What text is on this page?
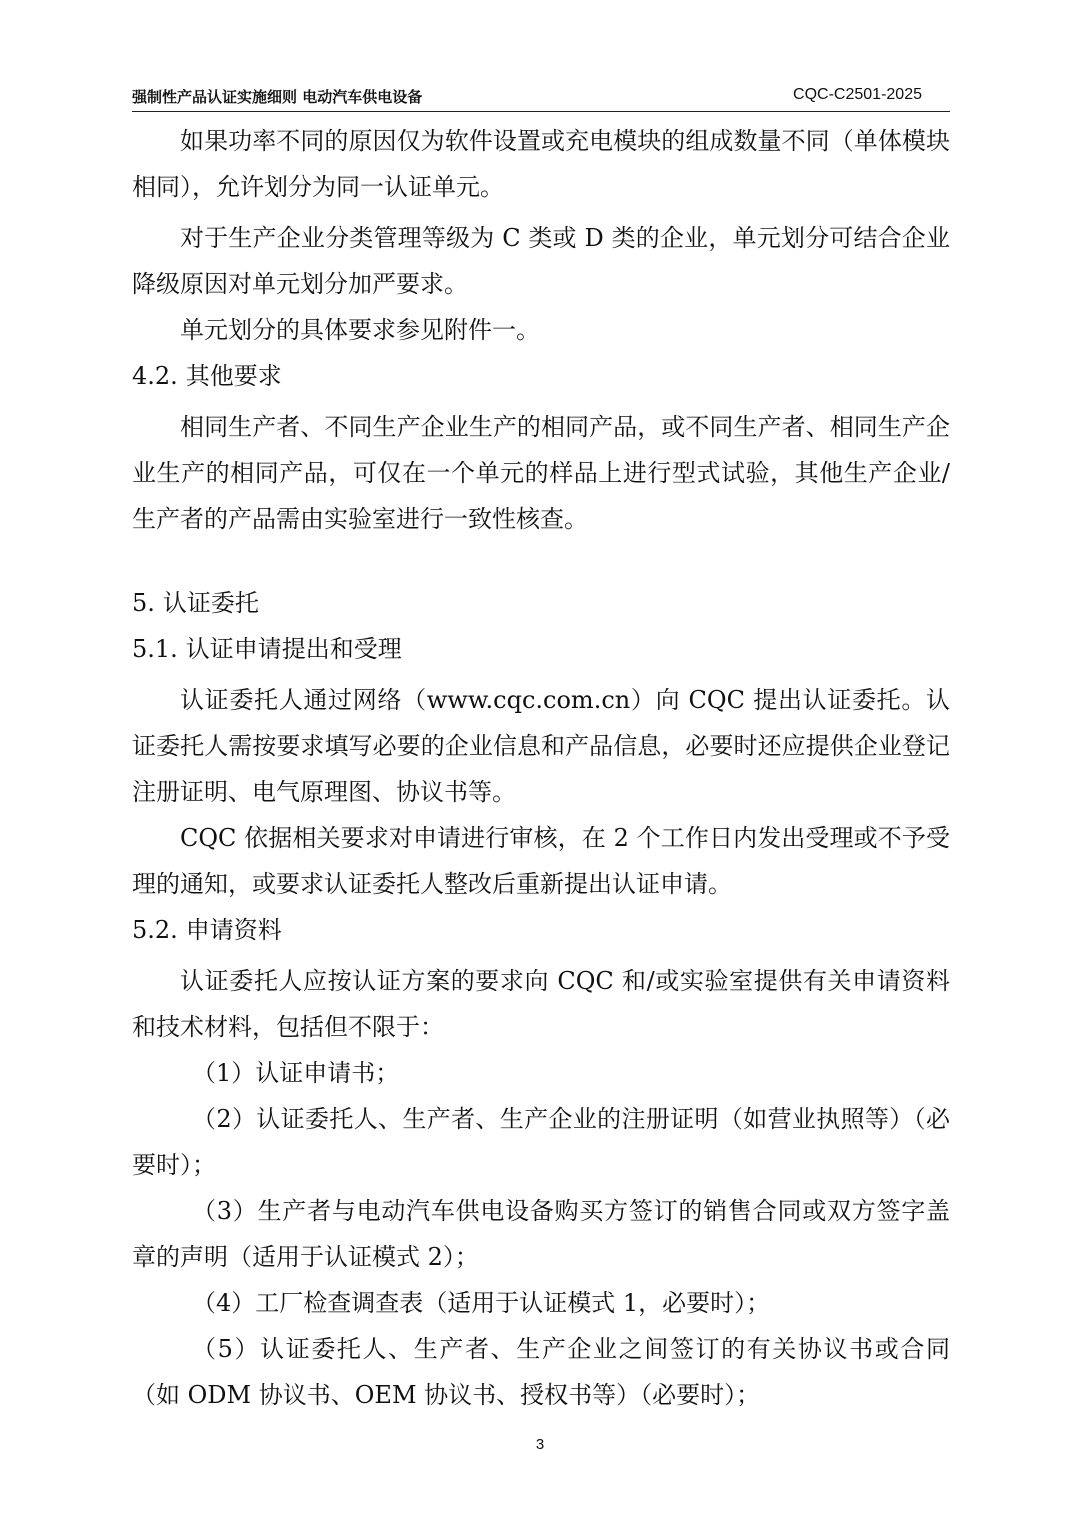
强制性产品认证实施细则 电动汽车供电设备	CQC-C2501-2025

如果功率不同的原因仅为软件设置或充电模块的组成数量不同（单体模块相同），允许划分为同一认证单元。

对于生产企业分类管理等级为 C 类或 D 类的企业，单元划分可结合企业降级原因对单元划分加严要求。

单元划分的具体要求参见附件一。

4.2. 其他要求

相同生产者、不同生产企业生产的相同产品，或不同生产者、相同生产企业生产的相同产品，可仅在一个单元的样品上进行型式试验，其他生产企业/生产者的产品需由实验室进行一致性核查。

5. 认证委托

5.1. 认证申请提出和受理

认证委托人通过网络（www.cqc.com.cn）向 CQC 提出认证委托。认证委托人需按要求填写必要的企业信息和产品信息，必要时还应提供企业登记注册证明、电气原理图、协议书等。

CQC 依据相关要求对申请进行审核，在 2 个工作日内发出受理或不予受理的通知，或要求认证委托人整改后重新提出认证申请。

5.2. 申请资料

认证委托人应按认证方案的要求向 CQC 和/或实验室提供有关申请资料和技术材料，包括但不限于：

（1）认证申请书；

（2）认证委托人、生产者、生产企业的注册证明（如营业执照等）（必要时）；

（3）生产者与电动汽车供电设备购买方签订的销售合同或双方签字盖章的声明（适用于认证模式 2）；

（4）工厂检查调查表（适用于认证模式 1，必要时）；

（5）认证委托人、生产者、生产企业之间签订的有关协议书或合同（如 ODM 协议书、OEM 协议书、授权书等）（必要时）；

3
